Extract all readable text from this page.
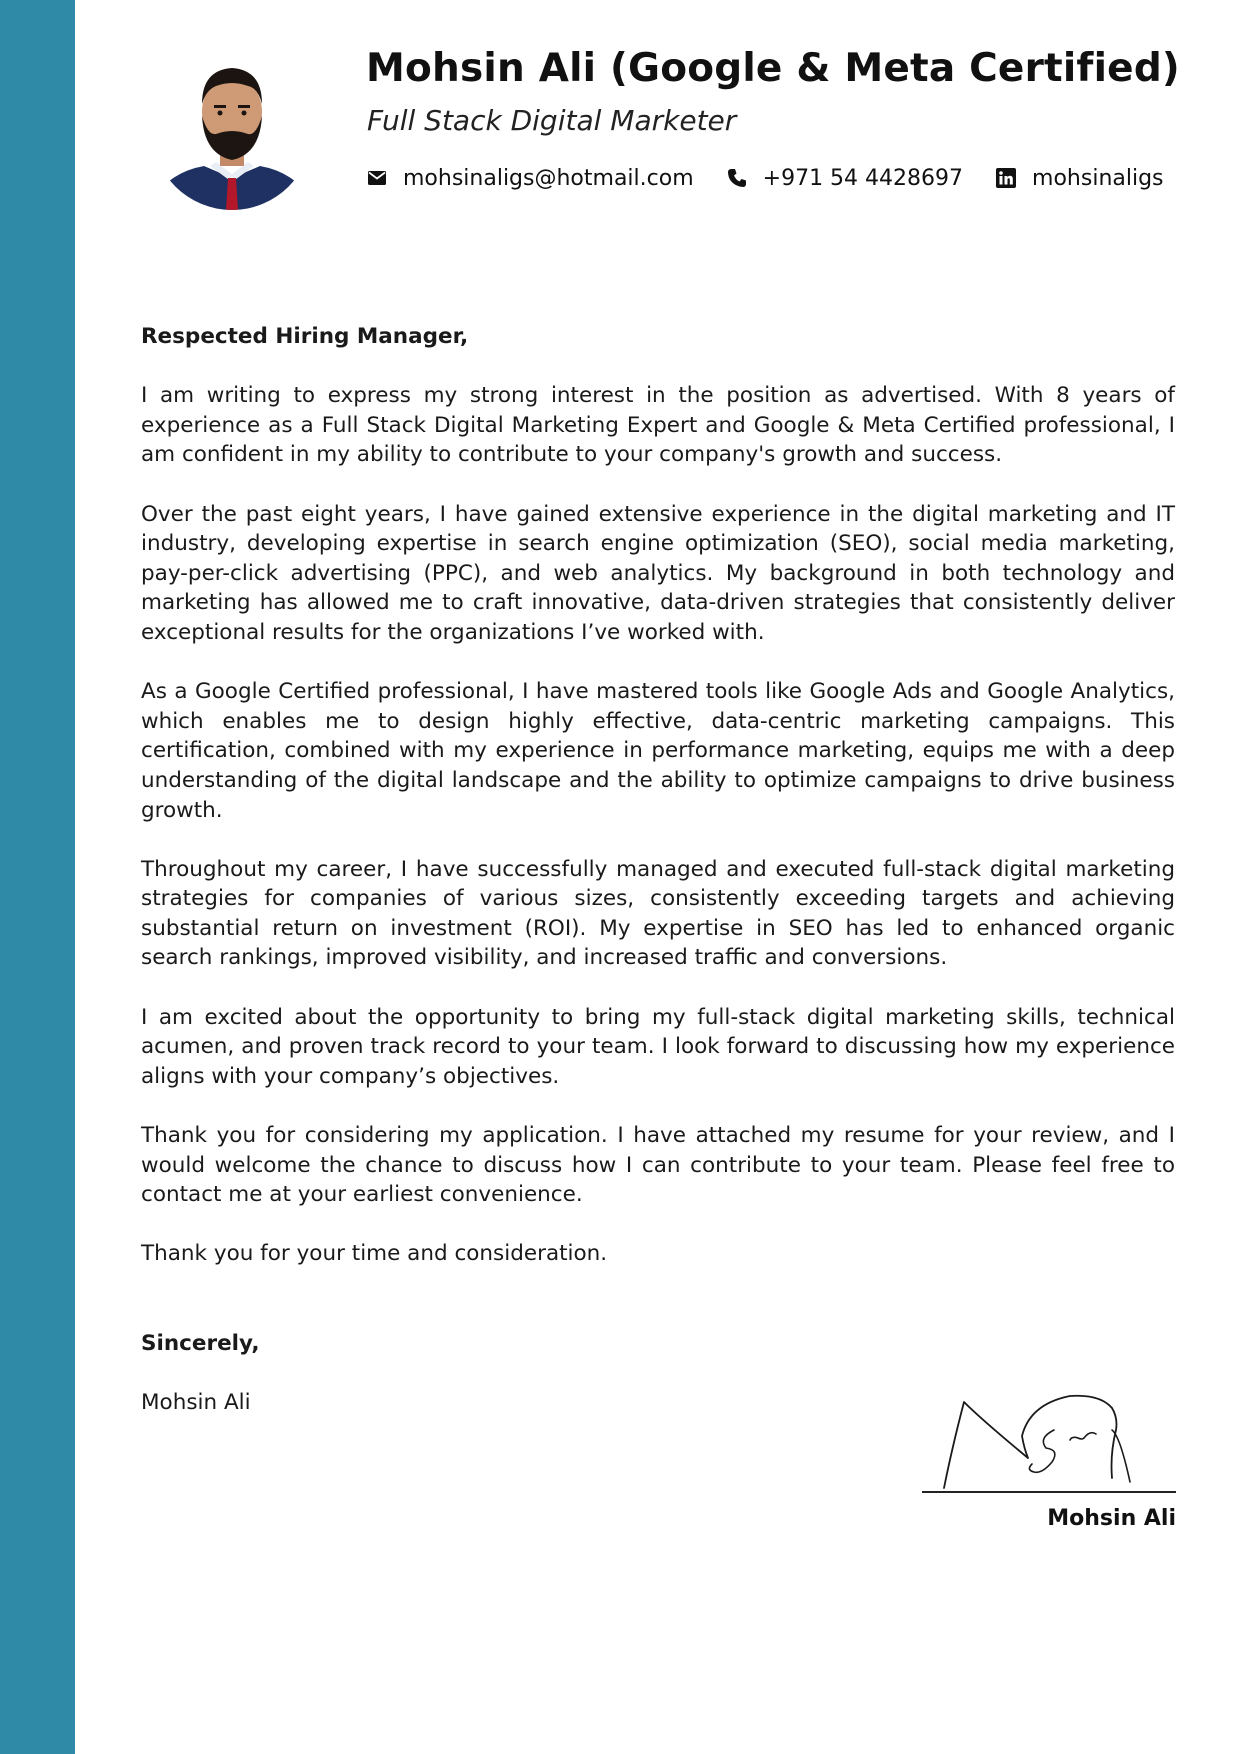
Mohsin Ali (Google & Meta Certified)
Full Stack Digital Marketer
mohsinaligs@hotmail.com	+971 54 4428697	mohsinaligs

Respected Hiring Manager,

I am writing to express my strong interest in the position as advertised. With 8 years of experience as a Full Stack Digital Marketing Expert and Google & Meta Certified professional, I am confident in my ability to contribute to your company's growth and success.

Over the past eight years, I have gained extensive experience in the digital marketing and IT industry, developing expertise in search engine optimization (SEO), social media marketing, pay-per-click advertising (PPC), and web analytics. My background in both technology and marketing has allowed me to craft innovative, data-driven strategies that consistently deliver exceptional results for the organizations I’ve worked with.

As a Google Certified professional, I have mastered tools like Google Ads and Google Analytics, which enables me to design highly effective, data-centric marketing campaigns. This certification, combined with my experience in performance marketing, equips me with a deep understanding of the digital landscape and the ability to optimize campaigns to drive business growth.

Throughout my career, I have successfully managed and executed full-stack digital marketing strategies for companies of various sizes, consistently exceeding targets and achieving substantial return on investment (ROI). My expertise in SEO has led to enhanced organic search rankings, improved visibility, and increased traffic and conversions.

I am excited about the opportunity to bring my full-stack digital marketing skills, technical acumen, and proven track record to your team. I look forward to discussing how my experience aligns with your company’s objectives.

Thank you for considering my application. I have attached my resume for your review, and I would welcome the chance to discuss how I can contribute to your team. Please feel free to contact me at your earliest convenience.

Thank you for your time and consideration.

Sincerely,

Mohsin Ali

Mohsin Ali
